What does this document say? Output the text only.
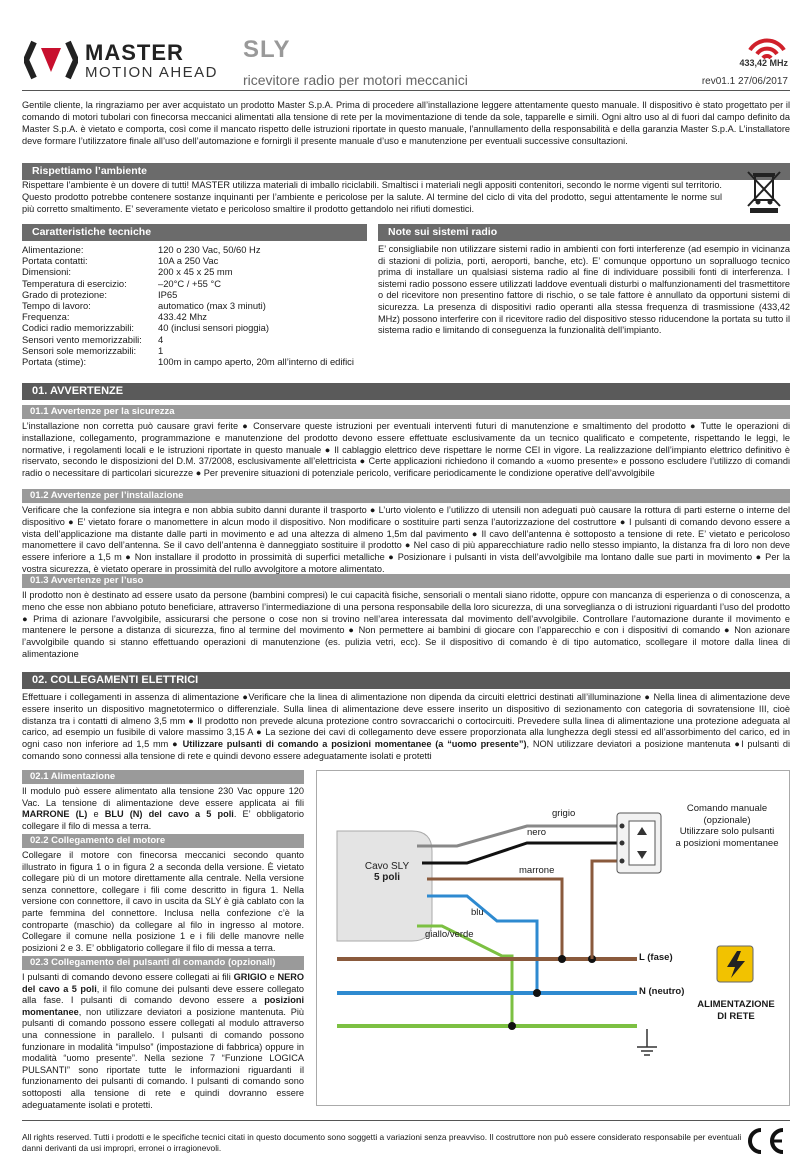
MASTER
MOTION AHEAD
SLY
ricevitore radio per motori meccanici
433,42 MHz
rev01.1 27/06/2017
Gentile cliente, la ringraziamo per aver acquistato un prodotto Master S.p.A. Prima di procedere all’installazione leggere attentamente questo manuale. Il dispositivo è stato progettato per il comando di motori tubolari con finecorsa meccanici alimentati alla tensione di rete per la movimentazione di tende da sole, tapparelle e simili. Ogni altro uso al di fuori dal campo definito da Master S.p.A. è vietato e comporta, così come il mancato rispetto delle istruzioni riportate in questo manuale, l’annullamento della responsabilità e della garanzia Master S.p.A. L’installatore deve formare l’utilizzatore finale all’uso dell’automazione e fornirgli il presente manuale d’uso e manutenzione per eventuali successive consultazioni.
Rispettiamo l’ambiente
Rispettare l’ambiente è un dovere di tutti! MASTER utilizza materiali di imballo riciclabili. Smaltisci i materiali negli appositi contenitori, secondo le norme vigenti sul territorio. Questo prodotto potrebbe contenere sostanze inquinanti per l’ambiente e pericolose per la salute. Al termine del ciclo di vita del prodotto, segui attentamente le norme sul più corretto smaltimento. E’ severamente vietato e pericoloso smaltire il prodotto gettandolo nei rifiuti domestici.
Caratteristiche tecniche
Alimentazione:	120 o 230 Vac, 50/60 Hz
Portata contatti:	10A a 250 Vac
Dimensioni:	200 x 45 x 25 mm
Temperatura di esercizio:	–20°C / +55 °C
Grado di protezione:	IP65
Tempo di lavoro:	automatico (max 3 minuti)
Frequenza:	433.42 Mhz
Codici radio memorizzabili:	40 (inclusi sensori pioggia)
Sensori vento memorizzabili:	4
Sensori sole memorizzabili:	1
Portata (stime):	100m in campo aperto, 20m all’interno di edifici
Note sui sistemi radio
E’ consigliabile non utilizzare sistemi radio in ambienti con forti interferenze (ad esempio in vicinanza di stazioni di polizia, porti, aeroporti, banche, etc). E’ comunque opportuno un sopralluogo tecnico prima di installare un qualsiasi sistema radio al fine di individuare possibili fonti di interferenza. I sistemi radio possono essere utilizzati laddove eventuali disturbi o malfunzionamenti del trasmettitore o del ricevitore non presentino fattore di rischio, o se tale fattore è annullato da opportuni sistemi di sicurezza. La presenza di dispositivi radio operanti alla stessa frequenza di trasmissione (433,42 MHz) possono interferire con il ricevitore radio del dispositivo stesso riducendone la portata su tutto il sistema radio e limitando di conseguenza la funzionalità dell’impianto.
01. AVVERTENZE
01.1 Avvertenze per la sicurezza
L’installazione non corretta può causare gravi ferite ● Conservare queste istruzioni per eventuali interventi futuri di manutenzione e smaltimento del prodotto ● Tutte le operazioni di installazione, collegamento, programmazione e manutenzione del prodotto devono essere effettuate esclusivamente da un tecnico qualificato e competente, rispettando le leggi, le normative, i regolamenti locali e le istruzioni riportate in questo manuale ● Il cablaggio elettrico deve rispettare le norme CEI in vigore. La realizzazione dell’impianto elettrico definitivo è riservato, secondo le disposizioni del D.M. 37/2008, esclusivamente all’elettricista ● Certe applicazioni richiedono il comando a «uomo presente» e possono escludere l’utilizzo di comandi radio o necessitare di particolari sicurezze ● Per prevenire situazioni di potenziale pericolo, verificare periodicamente le condizione operative dell’avvolgibile
01.2 Avvertenze per l’installazione
Verificare che la confezione sia integra e non abbia subito danni durante il trasporto ● L’urto violento e l’utilizzo di utensili non adeguati può causare la rottura di parti esterne o interne del dispositivo ● E’ vietato forare o manomettere in alcun modo il dispositivo. Non modificare o sostituire parti senza l’autorizzazione del costruttore ● I pulsanti di comando devono essere a vista dell’applicazione ma distante dalle parti in movimento e ad una altezza di almeno 1,5m dal pavimento ● Il cavo dell’antenna è sottoposto a tensione di rete. E’ vietato e pericoloso manomettere il cavo dell’antenna. Se il cavo dell’antenna è danneggiato sostituire il prodotto ● Nel caso di più apparecchiature radio nello stesso impianto, la distanza fra di loro non deve essere inferiore a 1,5 m ● Non installare il prodotto in prossimità di superfici metalliche ● Posizionare i pulsanti in vista dell’avvolgibile ma lontano dalle sue parti in movimento ● Per la vostra sicurezza, è vietato operare in prossimità del rullo avvolgitore a motore alimentato.
01.3 Avvertenze per l’uso
Il prodotto non è destinato ad essere usato da persone (bambini compresi) le cui capacità fisiche, sensoriali o mentali siano ridotte, oppure con mancanza di esperienza o di conoscenza, a meno che esse non abbiano potuto beneficiare, attraverso l’intermediazione di una persona responsabile della loro sicurezza, di una sorveglianza o di istruzioni riguardanti l’uso del prodotto ● Prima di azionare l’avvolgibile, assicurarsi che persone o cose non si trovino nell’area interessata dal movimento dell’avvolgibile. Controllare l’automazione durante il movimento e mantenere le persone a distanza di sicurezza, fino al termine del movimento ● Non permettere ai bambini di giocare con l’apparecchio e con i dispositivi di comando ● Non azionare l’avvolgibile quando si stanno effettuando operazioni di manutenzione (es. pulizia vetri, ecc). Se il dispositivo di comando è di tipo automatico, scollegare il motore dalla linea di alimentazione
02. COLLEGAMENTI ELETTRICI
Effettuare i collegamenti in assenza di alimentazione ●Verificare che la linea di alimentazione non dipenda da circuiti elettrici destinati all’illuminazione ● Nella linea di alimentazione deve essere inserito un dispositivo magnetotermico o differenziale. Sulla linea di alimentazione deve essere inserito un dispositivo di sezionamento con categoria di sovratensione III, cioè distanza tra i contatti di almeno 3,5 mm ● Il prodotto non prevede alcuna protezione contro sovraccarichi o cortocircuiti. Prevedere sulla linea di alimentazione una protezione adeguata al carico, ad esempio un fusibile di valore massimo 3,15 A ● La sezione dei cavi di collegamento deve essere proporzionata alla lunghezza degli stessi ed all’assorbimento del carico, ed in ogni caso non inferiore ad 1,5 mm ● Utilizzare pulsanti di comando a posizioni momentanee (a “uomo presente”), NON utilizzare deviatori a posizione mantenuta ●I pulsanti di comando sono connessi alla tensione di rete e quindi devono essere adeguatamente isolati e protetti
02.1 Alimentazione
Il modulo può essere alimentato alla tensione 230 Vac oppure 120 Vac. La tensione di alimentazione deve essere applicata ai fili MARRONE (L) e BLU (N) del cavo a 5 poli. E’ obbligatorio collegare il filo di messa a terra.
02.2 Collegamento del motore
Collegare il motore con finecorsa meccanici secondo quanto illustrato in figura 1 o in figura 2 a seconda della versione. È vietato collegare più di un motore direttamente alla centrale. Nella versione senza connettore, collegare i fili come descritto in figura 1. Nella versione con connettore, il cavo in uscita da SLY è già cablato con la parte femmina del connettore. Inclusa nella confezione c’è la controparte (maschio) da collegare al filo in ingresso al motore. Collegare il comune nella posizione 1 e i fili delle manovre nelle posizioni 2 e 3. E’ obbligatorio collegare il filo di messa a terra.
02.3 Collegamento dei pulsanti di comando (opzionali)
I pulsanti di comando devono essere collegati ai fili GRIGIO e NERO del cavo a 5 poli, il filo comune dei pulsanti deve essere collegato alla fase. I pulsanti di comando devono essere a posizioni momentanee, non utilizzare deviatori a posizione mantenuta. Più pulsanti di comando possono essere collegati al modulo attraverso una connessione in parallelo. I pulsanti di comando possono funzionare in modalità “impulso” (impostazione di fabbrica) oppure in modalità “uomo presente”. Nella sezione 7 “Funzione LOGICA PULSANTI” sono riportate tutte le informazioni riguardanti il funzionamento dei pulsanti di comando. I pulsanti di comando sono sottoposti alla tensione di rete e quindi dovranno essere adeguatamente isolati e protetti.
Cavo SLY
5 poli
grigio
nero
marrone
blu
giallo/verde
Comando manuale
(opzionale)
Utilizzare solo pulsanti
a posizioni momentanee
L (fase)
N (neutro)
ALIMENTAZIONE
DI RETE
All rights reserved. Tutti i prodotti e le specifiche tecnici citati in questo documento sono soggetti a variazioni senza preavviso. Il costruttore non può essere considerato responsabile per eventuali danni derivanti da usi impropri, erronei o irragionevoli.
